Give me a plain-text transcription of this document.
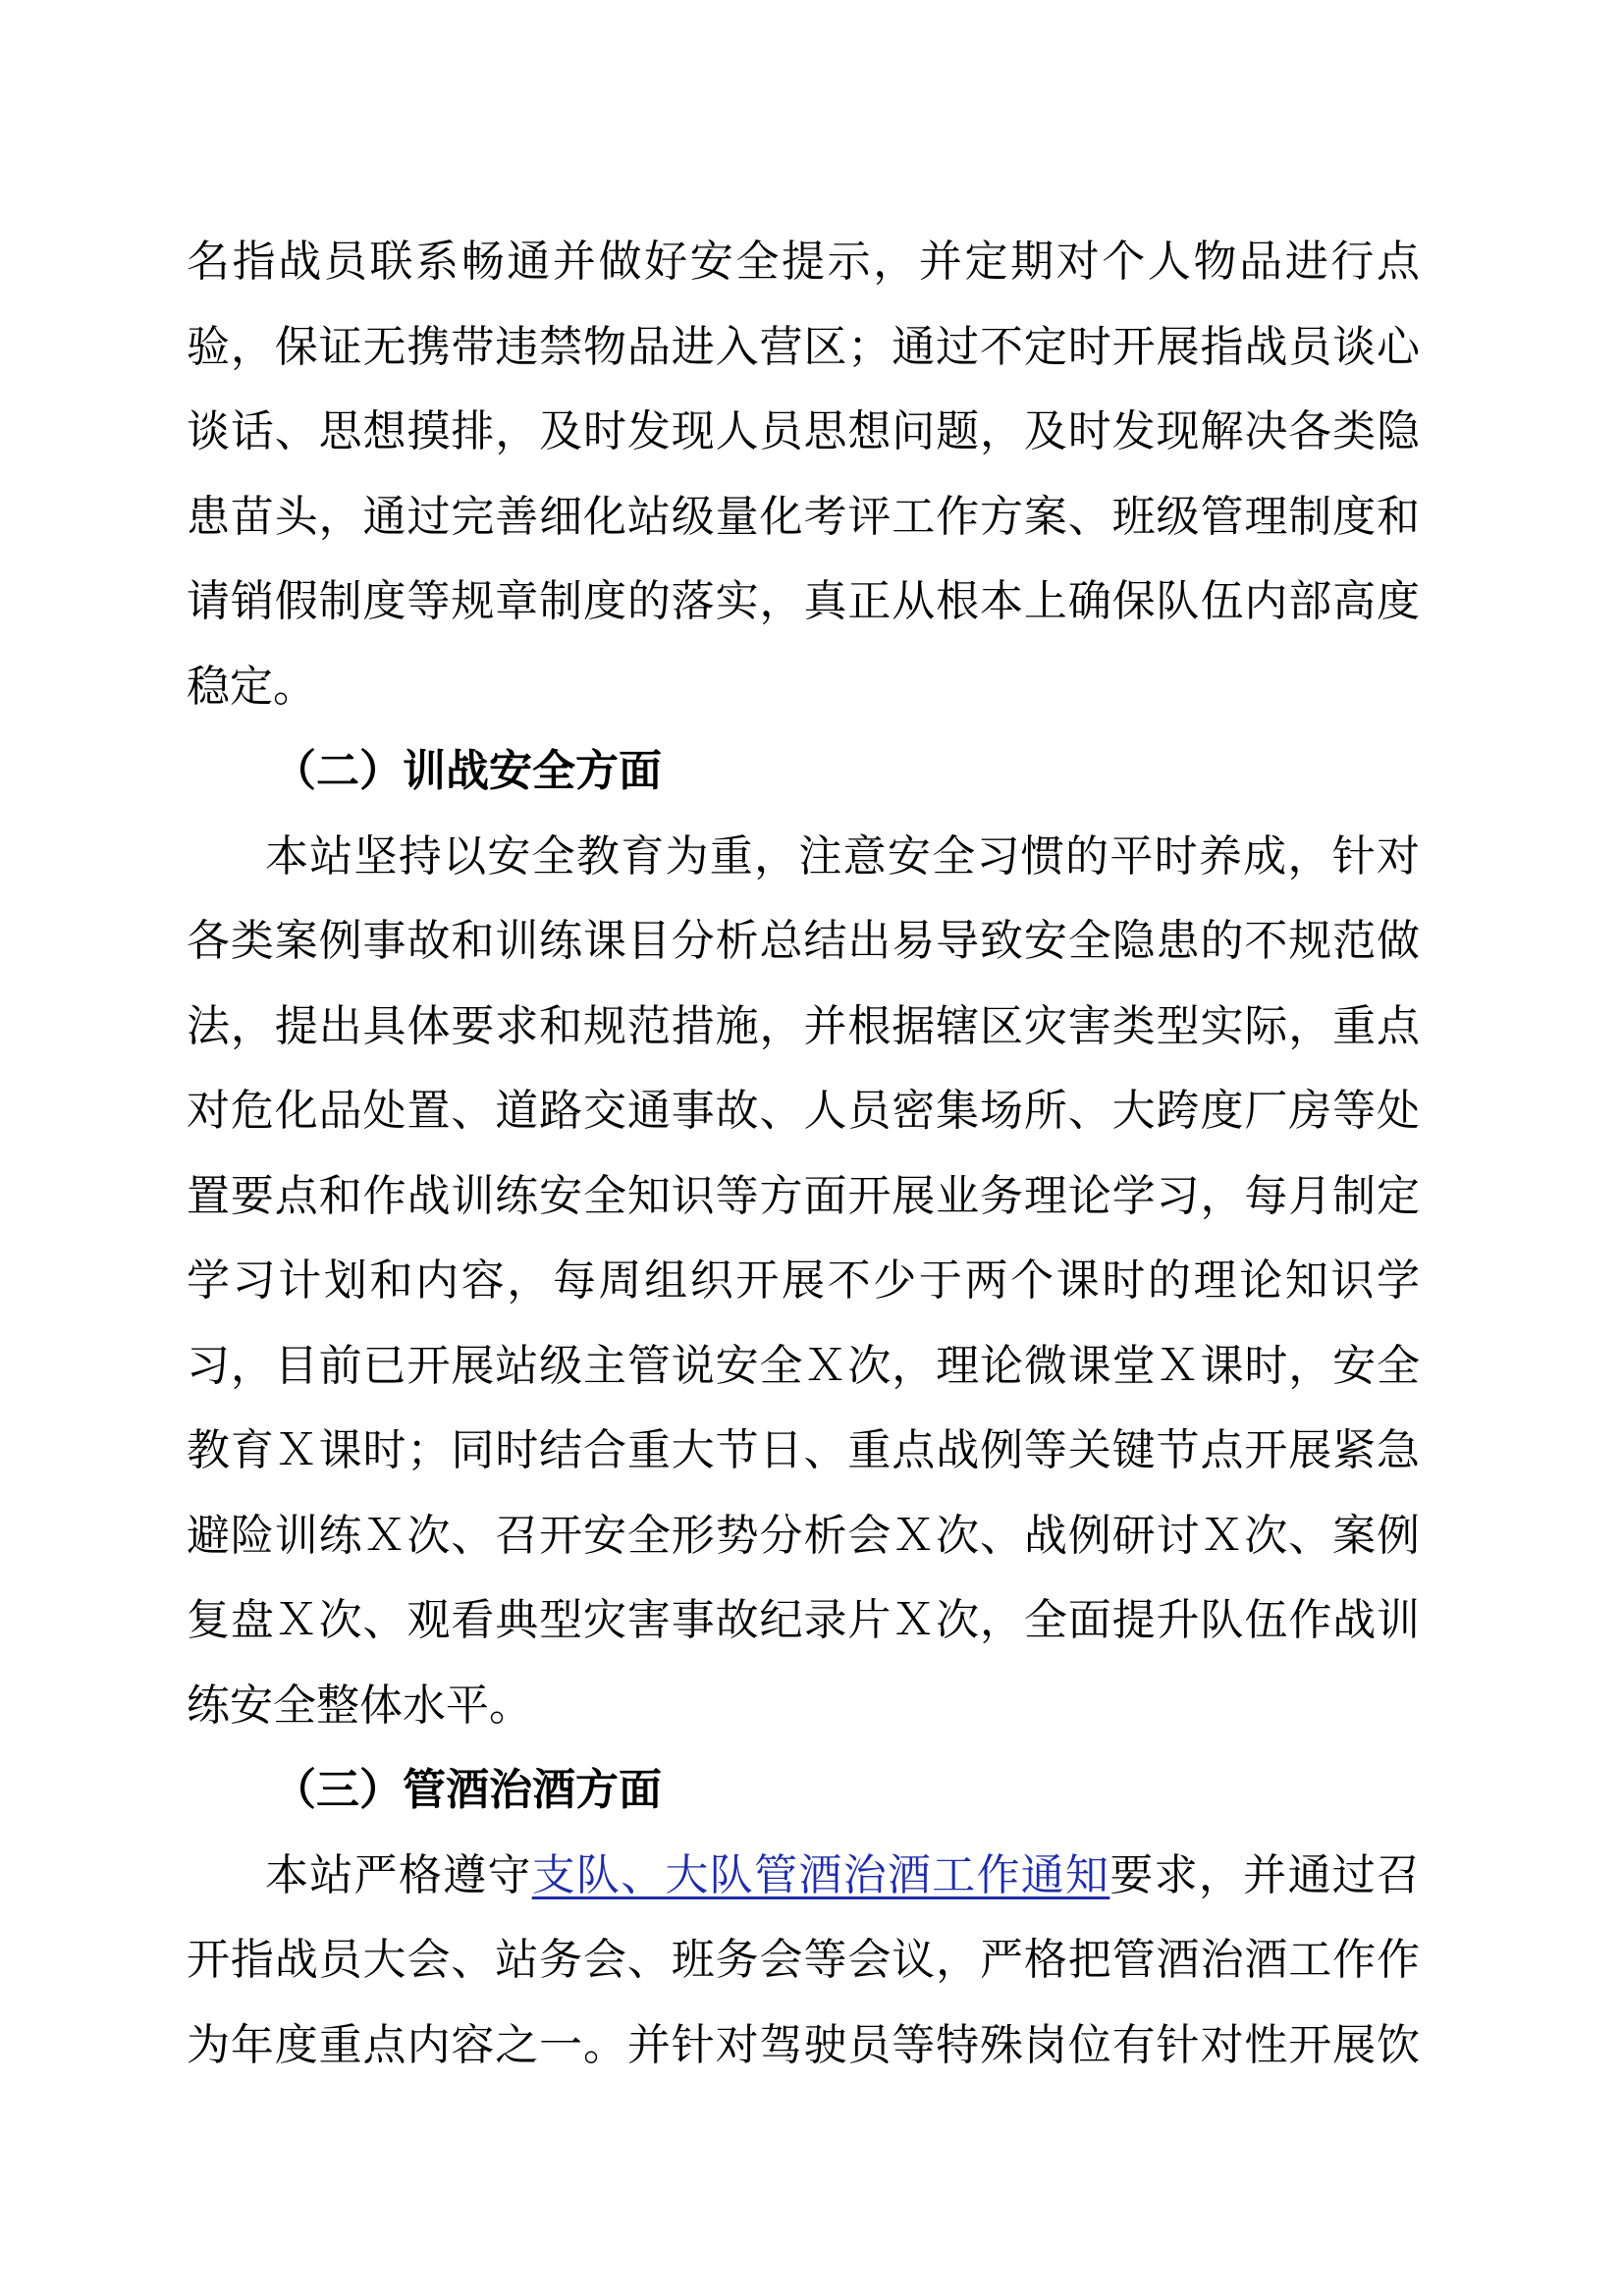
名指战员联系畅通并做好安全提示，并定期对个人物品进行点
验，保证无携带违禁物品进入营区；通过不定时开展指战员谈心
谈话、思想摸排，及时发现人员思想问题，及时发现解决各类隐
患苗头，通过完善细化站级量化考评工作方案、班级管理制度和
请销假制度等规章制度的落实，真正从根本上确保队伍内部高度
稳定。
（二）训战安全方面
本站坚持以安全教育为重，注意安全习惯的平时养成，针对
各类案例事故和训练课目分析总结出易导致安全隐患的不规范做
法，提出具体要求和规范措施，并根据辖区灾害类型实际，重点
对危化品处置、道路交通事故、人员密集场所、大跨度厂房等处
置要点和作战训练安全知识等方面开展业务理论学习，每月制定
学习计划和内容，每周组织开展不少于两个课时的理论知识学
习，目前已开展站级主管说安全Ｘ次，理论微课堂Ｘ课时，安全
教育Ｘ课时；同时结合重大节日、重点战例等关键节点开展紧急
避险训练Ｘ次、召开安全形势分析会Ｘ次、战例研讨Ｘ次、案例
复盘Ｘ次、观看典型灾害事故纪录片Ｘ次，全面提升队伍作战训
练安全整体水平。
（三）管酒治酒方面
本站严格遵守支队、大队管酒治酒工作通知要求，并通过召
开指战员大会、站务会、班务会等会议，严格把管酒治酒工作作
为年度重点内容之一。并针对驾驶员等特殊岗位有针对性开展饮
